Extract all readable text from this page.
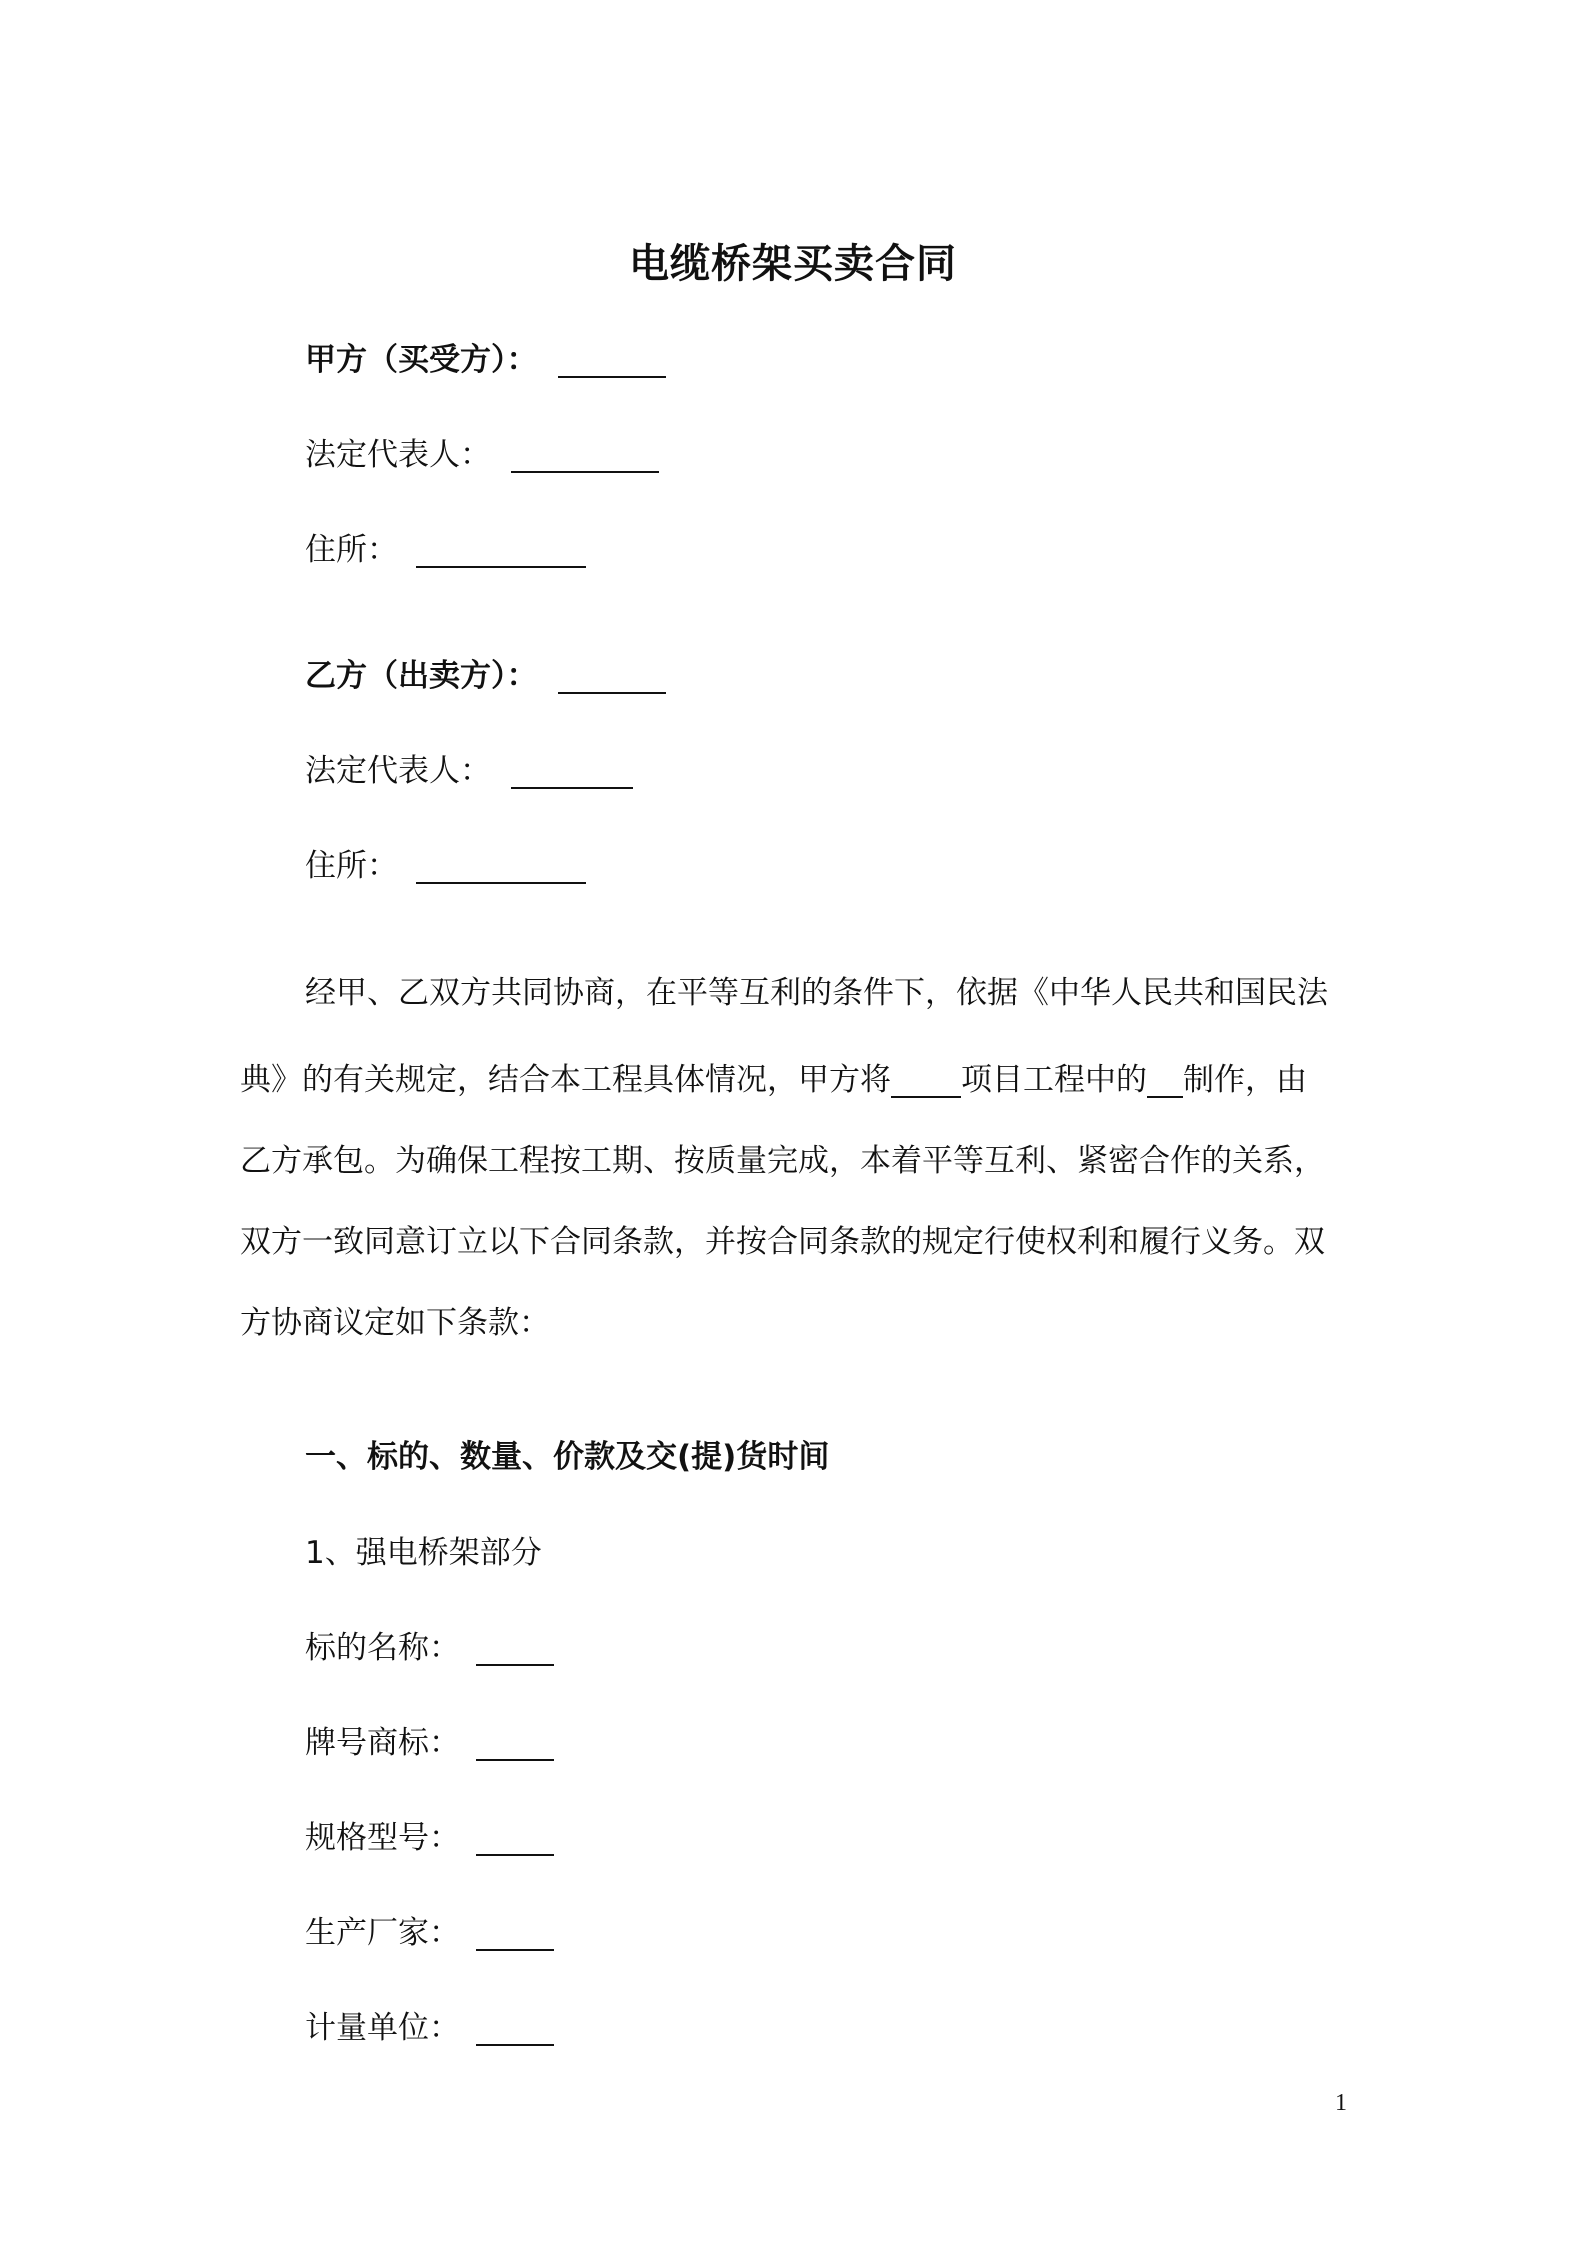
电缆桥架买卖合同
甲方（买受方）：
法定代表人：
住所：
乙方（出卖方）：
法定代表人：
住所：
经甲、乙双方共同协商，在平等互利的条件下，依据《中华人民共和国民法
典》的有关规定，结合本工程具体情况，甲方将 项目工程中的 制作，由
乙方承包。为确保工程按工期、按质量完成，本着平等互利、紧密合作的关系，
双方一致同意订立以下合同条款，并按合同条款的规定行使权利和履行义务。双
方协商议定如下条款：
一、标的、数量、价款及交(提)货时间
1、强电桥架部分
标的名称：
牌号商标：
规格型号：
生产厂家：
计量单位：
1
